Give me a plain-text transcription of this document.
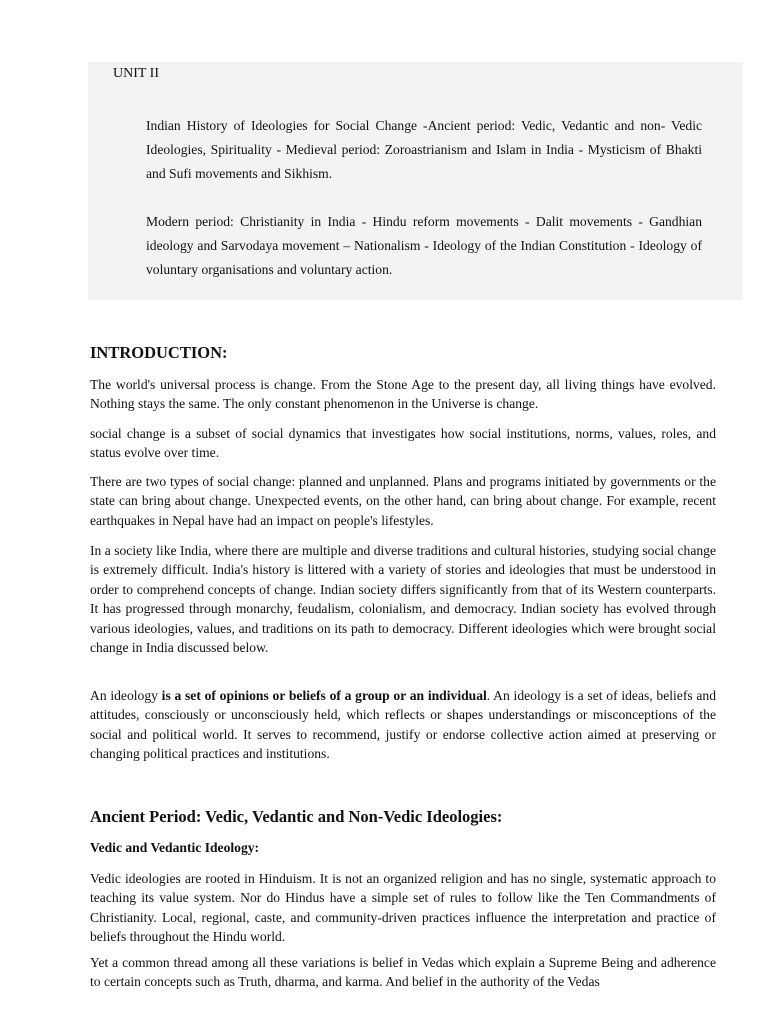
UNIT II

Indian History of Ideologies for Social Change -Ancient period: Vedic, Vedantic and non- Vedic Ideologies, Spirituality - Medieval period: Zoroastrianism and Islam in India - Mysticism of Bhakti and Sufi movements and Sikhism.

Modern period: Christianity in India - Hindu reform movements - Dalit movements - Gandhian ideology and Sarvodaya movement – Nationalism - Ideology of the Indian Constitution - Ideology of voluntary organisations and voluntary action.

INTRODUCTION:

The world's universal process is change. From the Stone Age to the present day, all living things have evolved. Nothing stays the same. The only constant phenomenon in the Universe is change.

social change is a subset of social dynamics that investigates how social institutions, norms, values, roles, and status evolve over time.

There are two types of social change: planned and unplanned. Plans and programs initiated by governments or the state can bring about change. Unexpected events, on the other hand, can bring about change. For example, recent earthquakes in Nepal have had an impact on people's lifestyles.

In a society like India, where there are multiple and diverse traditions and cultural histories, studying social change is extremely difficult. India's history is littered with a variety of stories and ideologies that must be understood in order to comprehend concepts of change. Indian society differs significantly from that of its Western counterparts. It has progressed through monarchy, feudalism, colonialism, and democracy. Indian society has evolved through various ideologies, values, and traditions on its path to democracy. Different ideologies which were brought social change in India discussed below.

An ideology is a set of opinions or beliefs of a group or an individual. An ideology is a set of ideas, beliefs and attitudes, consciously or unconsciously held, which reflects or shapes understandings or misconceptions of the social and political world. It serves to recommend, justify or endorse collective action aimed at preserving or changing political practices and institutions.

Ancient Period: Vedic, Vedantic and Non-Vedic Ideologies:
Vedic and Vedantic Ideology:

Vedic ideologies are rooted in Hinduism. It is not an organized religion and has no single, systematic approach to teaching its value system. Nor do Hindus have a simple set of rules to follow like the Ten Commandments of Christianity. Local, regional, caste, and community-driven practices influence the interpretation and practice of beliefs throughout the Hindu world.

Yet a common thread among all these variations is belief in Vedas which explain a Supreme Being and adherence to certain concepts such as Truth, dharma, and karma. And belief in the authority of the Vedas
